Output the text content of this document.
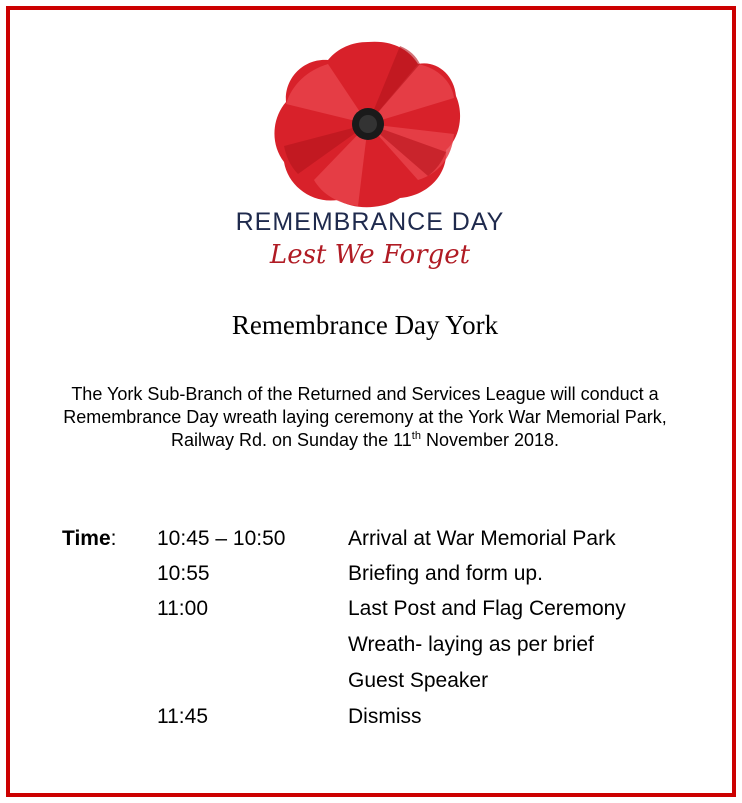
REMEMBRANCE DAY
Lest We Forget
Remembrance Day York
The York Sub-Branch of the Returned and Services League will conduct a Remembrance Day wreath laying ceremony at the York War Memorial Park, Railway Rd. on Sunday the 11th November 2018.
Time: 10:45 – 10:50	Arrival at War Memorial Park
10:55	Briefing and form up.
11:00	Last Post and Flag Ceremony
Wreath- laying as per brief
Guest Speaker
11:45	Dismiss
